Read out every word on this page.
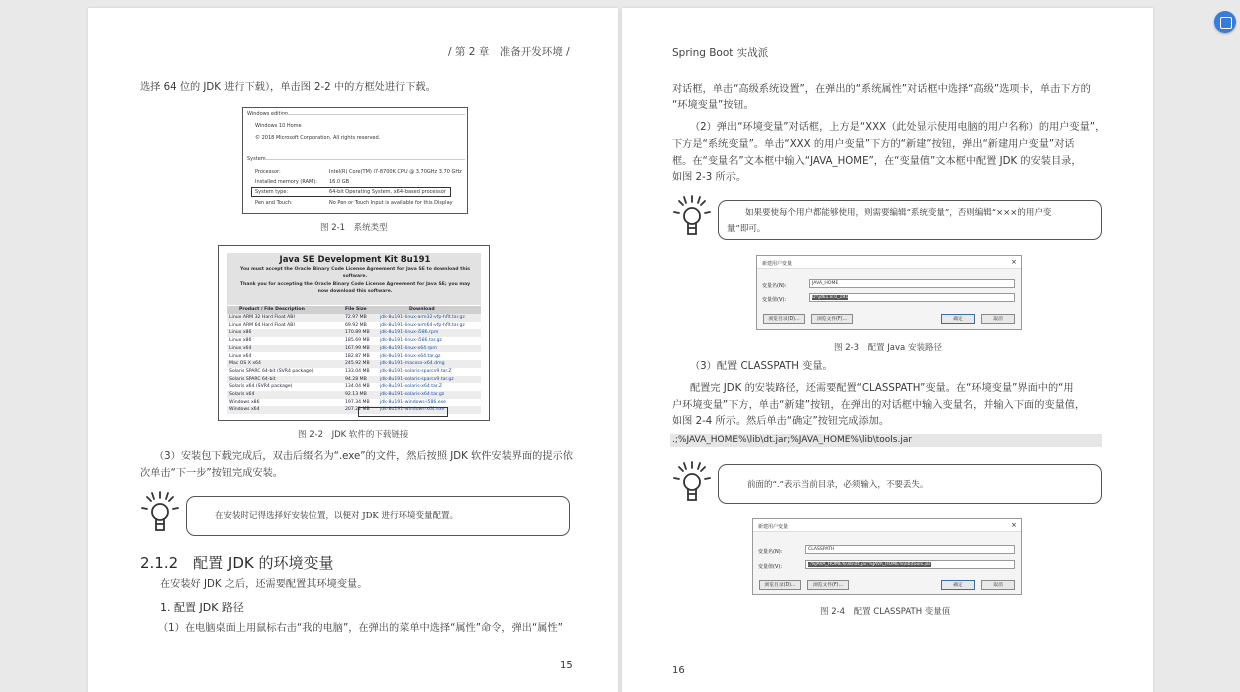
/ 第 2 章　准备开发环境 /
选择 64 位的 JDK 进行下载），单击图 2-2 中的方框处进行下载。
Windows edition
Windows 10 Home
© 2018 Microsoft Corporation. All rights reserved.
System
Processor:	Intel(R) Core(TM) i7-8700K CPU @ 3.70GHz 3.70 GHz
Installed memory (RAM): 16.0 GB
System type:	64-bit Operating System, x64-based processor
Pen and Touch:	No Pen or Touch Input is available for this Display
图 2-1　系统类型
Java SE Development Kit 8u191
You must accept the Oracle Binary Code License Agreement for Java SE to download this
software.
Thank you for accepting the Oracle Binary Code License Agreement for Java SE; you may
now download this software.
Product / File Description	File Size	Download
Linux ARM 32 Hard Float ABI	72.97 MB	jdk-8u191-linux-arm32-vfp-hflt.tar.gz
Linux ARM 64 Hard Float ABI	69.92 MB	jdk-8u191-linux-arm64-vfp-hflt.tar.gz
Linux x86	170.89 MB	jdk-8u191-linux-i586.rpm
Linux x86	185.69 MB	jdk-8u191-linux-i586.tar.gz
Linux x64	167.99 MB	jdk-8u191-linux-x64.rpm
Linux x64	182.87 MB	jdk-8u191-linux-x64.tar.gz
Mac OS X x64	245.92 MB	jdk-8u191-macosx-x64.dmg
Solaris SPARC 64-bit (SVR4 package)	133.04 MB	jdk-8u191-solaris-sparcv9.tar.Z
Solaris SPARC 64-bit	94.28 MB	jdk-8u191-solaris-sparcv9.tar.gz
Solaris x64 (SVR4 package)	134.04 MB	jdk-8u191-solaris-x64.tar.Z
Solaris x64	92.13 MB	jdk-8u191-solaris-x64.tar.gz
Windows x86	197.34 MB	jdk-8u191-windows-i586.exe
Windows x64	207.22 MB	jdk-8u191-windows-x64.exe
图 2-2　JDK 软件的下载链接
（3）安装包下载完成后，双击后缀名为“.exe”的文件，然后按照 JDK 软件安装界面的提示依
次单击“下一步”按钮完成安装。
在安装时记得选择好安装位置，以便对 JDK 进行环境变量配置。
2.1.2　配置 JDK 的环境变量
在安装好 JDK 之后，还需要配置其环境变量。
1. 配置 JDK 路径
（1）在电脑桌面上用鼠标右击“我的电脑”，在弹出的菜单中选择“属性”命令，弹出“属性”
15
Spring Boot 实战派
对话框，单击“高级系统设置”，在弹出的“系统属性”对话框中选择“高级”选项卡，单击下方的
“环境变量”按钮。
（2）弹出“环境变量”对话框，上方是“XXX（此处显示使用电脑的用户名称）的用户变量”，
下方是“系统变量”。单击“XXX 的用户变量”下方的“新建”按钮，弹出“新建用户变量”对话
框。在“变量名”文本框中输入“JAVA_HOME”，在“变量值”文本框中配置 JDK 的安装目录，
如图 2-3 所示。
如果要使每个用户都能够使用，则需要编辑“系统变量”，否则编辑“×××的用户变
量”即可。
新建用户变量	×
变量名(N):	JAVA_HOME
变量值(V):	D:\jdk1.8.0_191
浏览目录(D)...	浏览文件(F)...	确定	取消
图 2-3　配置 Java 安装路径
（3）配置 CLASSPATH 变量。
配置完 JDK 的安装路径，还需要配置“CLASSPATH”变量。在“环境变量”界面中的“用
户环境变量”下方，单击“新建”按钮，在弹出的对话框中输入变量名，并输入下面的变量值，
如图 2-4 所示。然后单击“确定”按钮完成添加。
.;%JAVA_HOME%\lib\dt.jar;%JAVA_HOME%\lib\tools.jar
前面的“.”表示当前目录，必须输入，不要丢失。
新建用户变量	×
变量名(N):	CLASSPATH
变量值(V):	.;%JAVA_HOME%\lib\dt.jar;%JAVA_HOME%\lib\tools.jar
浏览目录(D)...	浏览文件(F)...	确定	取消
图 2-4　配置 CLASSPATH 变量值
16
